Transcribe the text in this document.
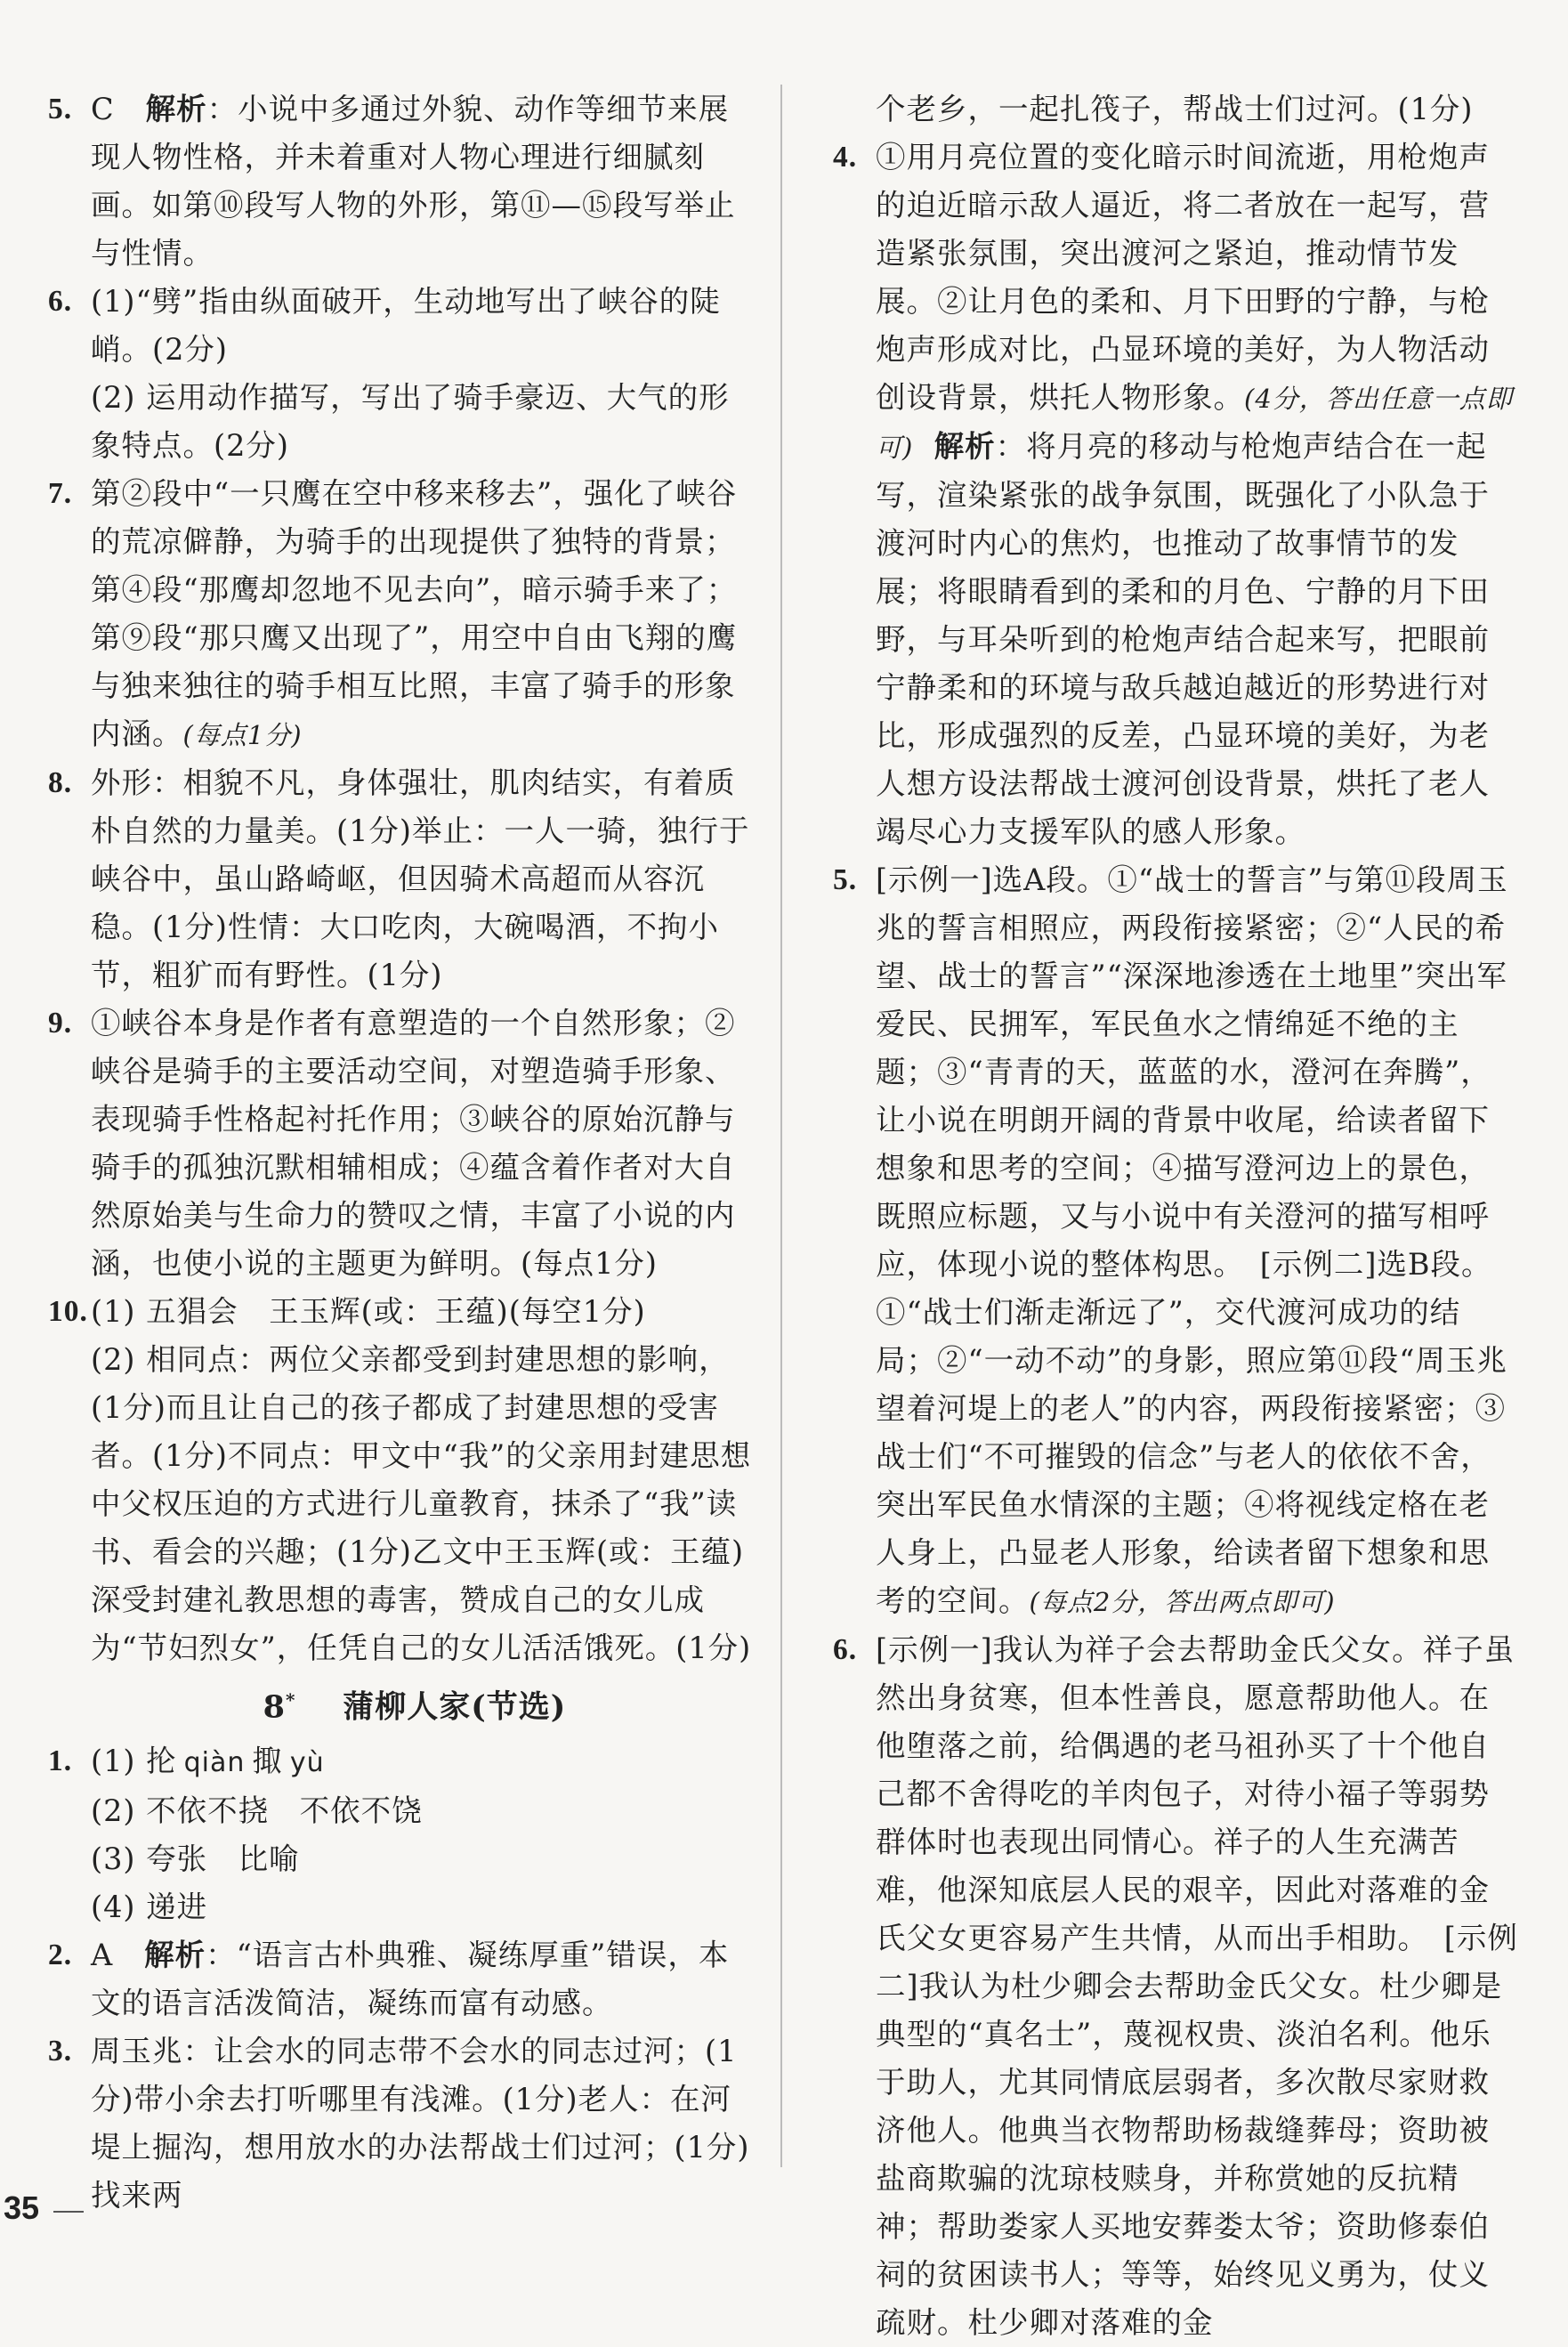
5. C 解析：小说中多通过外貌、动作等细节来展现人物性格，并未着重对人物心理进行细腻刻画。如第⑩段写人物的外形，第⑪—⑮段写举止与性情。
6. (1)“劈”指由纵面破开，生动地写出了峡谷的陡峭。(2分)
(2) 运用动作描写，写出了骑手豪迈、大气的形象特点。(2分)
7. 第②段中“一只鹰在空中移来移去”，强化了峡谷的荒凉僻静，为骑手的出现提供了独特的背景；第④段“那鹰却忽地不见去向”，暗示骑手来了；第⑨段“那只鹰又出现了”，用空中自由飞翔的鹰与独来独往的骑手相互比照，丰富了骑手的形象内涵。(每点1分)
8. 外形：相貌不凡，身体强壮，肌肉结实，有着质朴自然的力量美。(1分)举止：一人一骑，独行于峡谷中，虽山路崎岖，但因骑术高超而从容沉稳。(1分)性情：大口吃肉，大碗喝酒，不拘小节，粗犷而有野性。(1分)
9. ①峡谷本身是作者有意塑造的一个自然形象；②峡谷是骑手的主要活动空间，对塑造骑手形象、表现骑手性格起衬托作用；③峡谷的原始沉静与骑手的孤独沉默相辅相成；④蕴含着作者对大自然原始美与生命力的赞叹之情，丰富了小说的内涵，也使小说的主题更为鲜明。(每点1分)
10. (1) 五猖会　王玉辉(或：王蕴)(每空1分)
(2) 相同点：两位父亲都受到封建思想的影响，(1分)而且让自己的孩子都成了封建思想的受害者。(1分)不同点：甲文中“我”的父亲用封建思想中父权压迫的方式进行儿童教育，抹杀了“我”读书、看会的兴趣；(1分)乙文中王玉辉(或：王蕴)深受封建礼教思想的毒害，赞成自己的女儿成为“节妇烈女”，任凭自己的女儿活活饿死。(1分)
8* 蒲柳人家(节选)
1. (1) 抡 qiàn 掫 yù
(2) 不依不挠　不依不饶
(3) 夸张　比喻
(4) 递进
2. A 解析：“语言古朴典雅、凝练厚重”错误，本文的语言活泼简洁，凝练而富有动感。
3. 周玉兆：让会水的同志带不会水的同志过河；(1分)带小余去打听哪里有浅滩。(1分)老人：在河堤上掘沟，想用放水的办法帮战士们过河；(1分)找来两
个老乡，一起扎筏子，帮战士们过河。(1分)
4. ①用月亮位置的变化暗示时间流逝，用枪炮声的迫近暗示敌人逼近，将二者放在一起写，营造紧张氛围，突出渡河之紧迫，推动情节发展。②让月色的柔和、月下田野的宁静，与枪炮声形成对比，凸显环境的美好，为人物活动创设背景，烘托人物形象。(4分，答出任意一点即可) 解析：将月亮的移动与枪炮声结合在一起写，渲染紧张的战争氛围，既强化了小队急于渡河时内心的焦灼，也推动了故事情节的发展；将眼睛看到的柔和的月色、宁静的月下田野，与耳朵听到的枪炮声结合起来写，把眼前宁静柔和的环境与敌兵越迫越近的形势进行对比，形成强烈的反差，凸显环境的美好，为老人想方设法帮战士渡河创设背景，烘托了老人竭尽心力支援军队的感人形象。
5. [示例一]选A段。①“战士的誓言”与第⑪段周玉兆的誓言相照应，两段衔接紧密；②“人民的希望、战士的誓言”“深深地渗透在土地里”突出军爱民、民拥军，军民鱼水之情绵延不绝的主题；③“青青的天，蓝蓝的水，澄河在奔腾”，让小说在明朗开阔的背景中收尾，给读者留下想象和思考的空间；④描写澄河边上的景色，既照应标题，又与小说中有关澄河的描写相呼应，体现小说的整体构思。　[示例二]选B段。①“战士们渐走渐远了”，交代渡河成功的结局；②“一动不动”的身影，照应第⑪段“周玉兆望着河堤上的老人”的内容，两段衔接紧密；③战士们“不可摧毁的信念”与老人的依依不舍，突出军民鱼水情深的主题；④将视线定格在老人身上，凸显老人形象，给读者留下想象和思考的空间。(每点2分，答出两点即可)
6. [示例一]我认为祥子会去帮助金氏父女。祥子虽然出身贫寒，但本性善良，愿意帮助他人。在他堕落之前，给偶遇的老马祖孙买了十个他自己都不舍得吃的羊肉包子，对待小福子等弱势群体时也表现出同情心。祥子的人生充满苦难，他深知底层人民的艰辛，因此对落难的金氏父女更容易产生共情，从而出手相助。　[示例二]我认为杜少卿会去帮助金氏父女。杜少卿是典型的“真名士”，蔑视权贵、淡泊名利。他乐于助人，尤其同情底层弱者，多次散尽家财救济他人。他典当衣物帮助杨裁缝葬母；资助被盐商欺骗的沈琼枝赎身，并称赏她的反抗精神；帮助娄家人买地安葬娄太爷；资助修泰伯祠的贫困读书人；等等，始终见义勇为，仗义疏财。杜少卿对落难的金
35
